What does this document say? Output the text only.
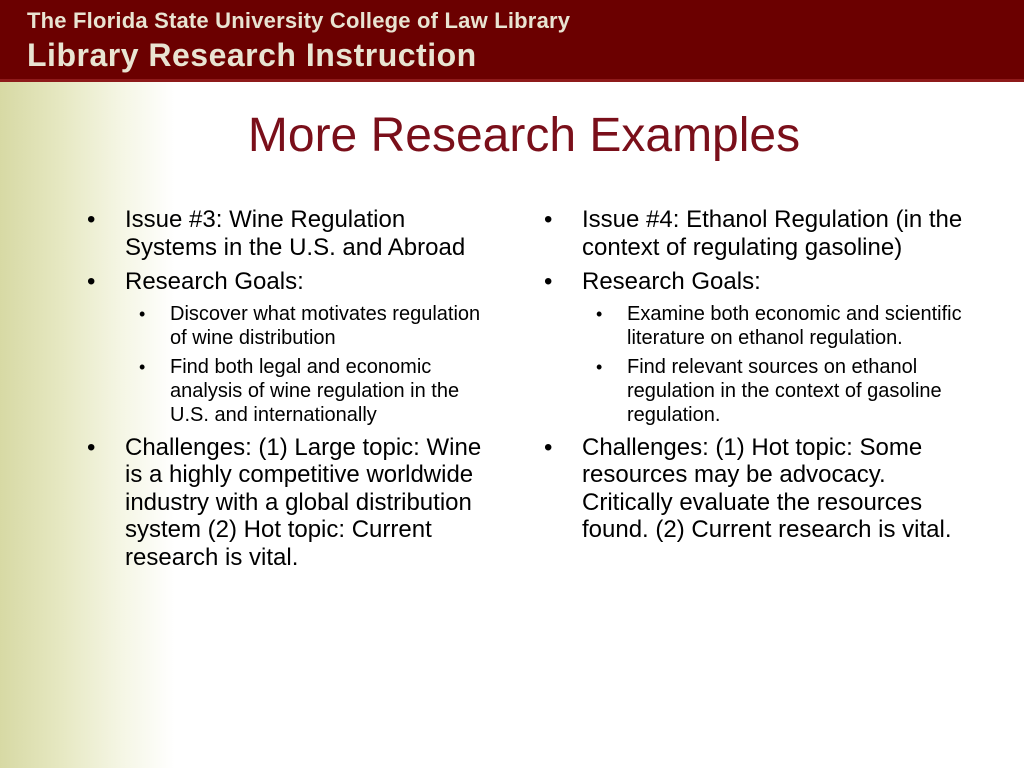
The Florida State University College of Law Library
Library Research Instruction
More Research Examples
• Issue #3: Wine Regulation Systems in the U.S. and Abroad
• Research Goals:
• Discover what motivates regulation of wine distribution
• Find both legal and economic analysis of wine regulation in the U.S. and internationally
• Challenges: (1) Large topic: Wine is a highly competitive worldwide industry with a global distribution system (2) Hot topic: Current research is vital.
• Issue #4: Ethanol Regulation (in the context of regulating gasoline)
• Research Goals:
• Examine both economic and scientific literature on ethanol regulation.
• Find relevant sources on ethanol regulation in the context of gasoline regulation.
• Challenges: (1) Hot topic: Some resources may be advocacy. Critically evaluate the resources found. (2) Current research is vital.
